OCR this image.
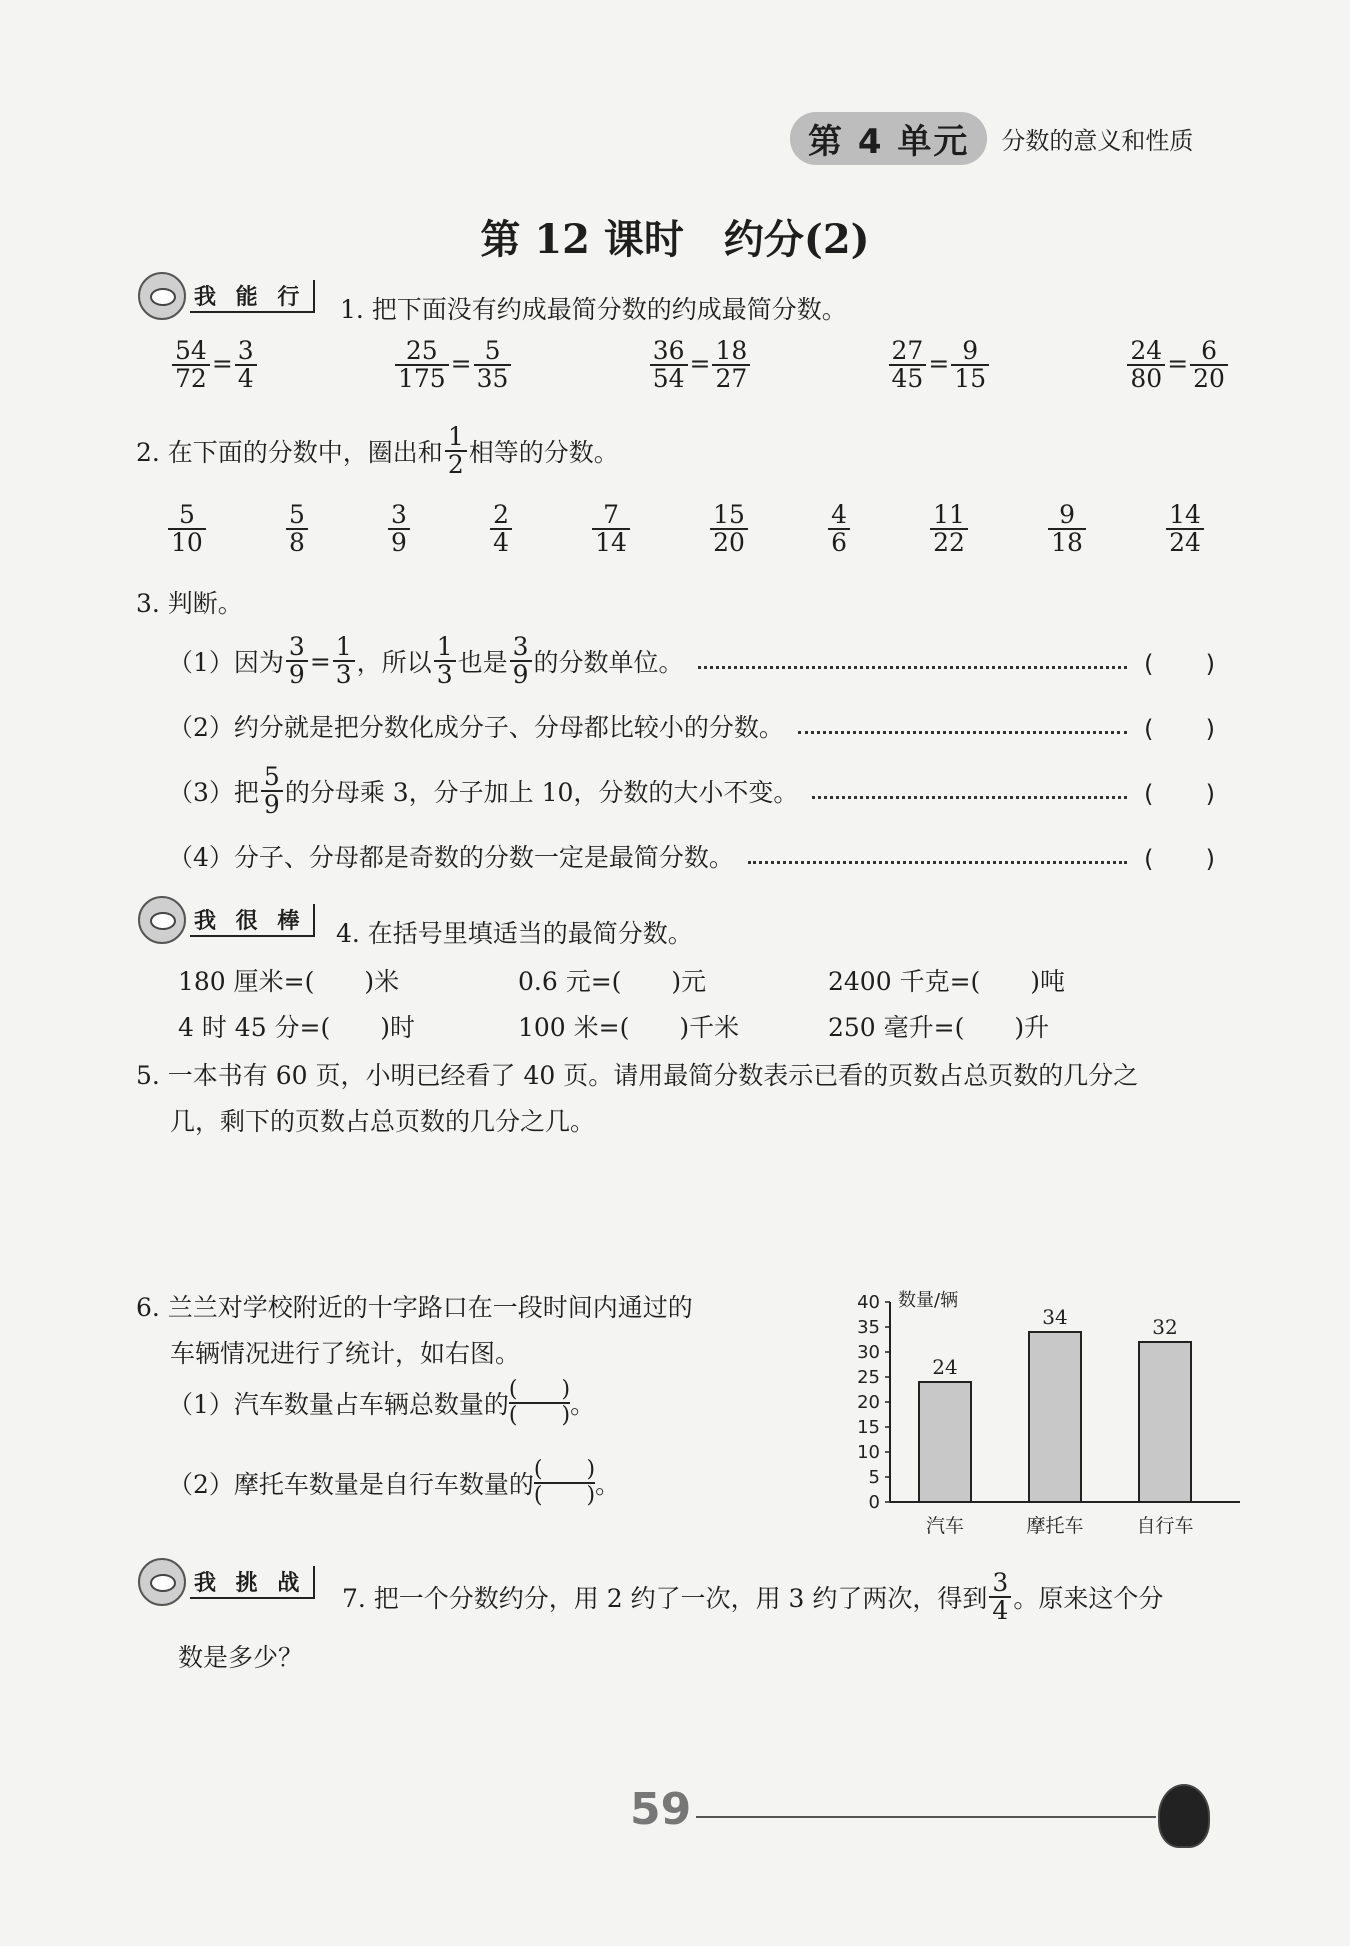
第 4 单元	分数的意义和性质
第 12 课时　约分(2)
我 能 行	1. 把下面没有约成最简分数的约成最简分数。
$\frac{54}{72} = \frac{3}{4}$	$\frac{25}{175} = \frac{5}{35}$	$\frac{36}{54} = \frac{18}{27}$	$\frac{27}{45} = \frac{9}{15}$	$\frac{24}{80} = \frac{6}{20}$
2. 在下面的分数中，圈出和
1
2 相等的分数。
5
10
5
8
3
9
2
4
7
14
15
20
4
6
11
22
9
18
14
24
3. 判断。
（1）因为 $\frac{3}{9} = \frac{1}{3}$ ，所以
1
3 也是
3
9 的分数单位。	(　　)
（2）约分就是把分数化成分子、分母都比较小的分数。	(　　)
（3）把
5
9 的分母乘 3，分子加上 10，分数的大小不变。	(　　)
（4）分子、分母都是奇数的分数一定是最简分数。	(　　)
我 很 棒	4. 在括号里填适当的最简分数。
180 厘米=(　　)米	0.6 元=(　　)元	2400 千克=(　　)吨
4 时 45 分=(　　)时	100 米=(　　)千米	250 毫升=(　　)升
5. 一本书有 60 页，小明已经看了 40 页。请用最简分数表示已看的页数占总页数的几分之
几，剩下的页数占总页数的几分之几。
6. 兰兰对学校附近的十字路口在一段时间内通过的
车辆情况进行了统计，如右图。
（1）汽车数量占车辆总数量的
(　　)
(　　) 。
（2）摩托车数量是自行车数量的
(　　)
(　　) 。
0
5
10
15
20
25
30
35
40 数量/辆
24
汽车
34
摩托车
32
自行车
我 挑 战
7. 把一个分数约分，用 2 约了一次，用 3 约了两次，得到
3
4 。原来这个分
数是多少？
59
